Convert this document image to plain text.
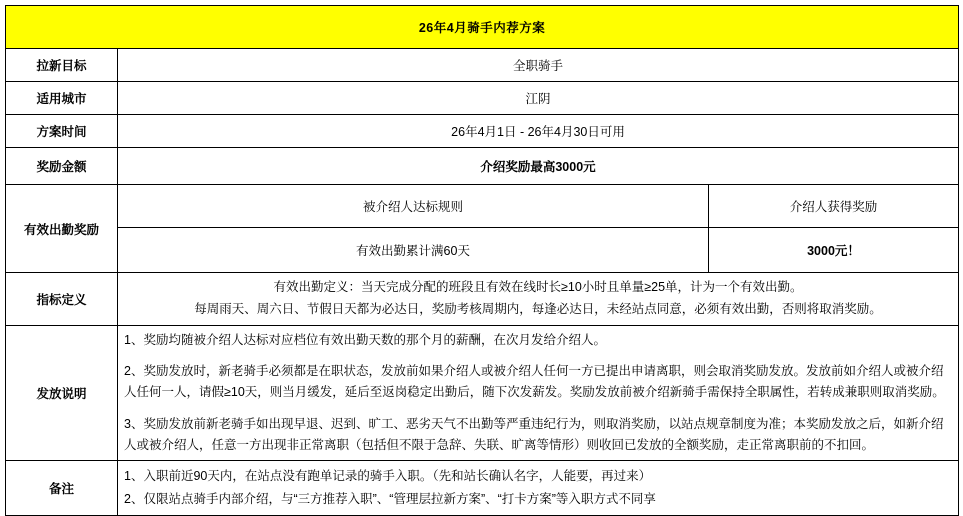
26年4月骑手内荐方案		
拉新目标	全职骑手	
适用城市	江阴	
方案时间	26年4月1日 - 26年4月30日可用	
奖励金额	介绍奖励最高3000元	
有效出勤奖励	被介绍人达标规则	介绍人获得奖励
	有效出勤累计满60天	3000元！
指标定义	有效出勤定义：当天完成分配的班段且有效在线时长≥10小时且单量≥25单，计为一个有效出勤。
每周雨天、周六日、节假日天都为必达日，奖励考核周期内，每逢必达日，未经站点同意，必须有效出勤，否则将取消奖励。	

发放说明	1、奖励均随被介绍人达标对应档位有效出勤天数的那个月的薪酬，在次月发给介绍人。

2、奖励发放时，新老骑手必须都是在职状态，发放前如果介绍人或被介绍人任何一方已提出申请离职，则会取消奖励发放。发放前如介绍人或被介绍人任何一人，请假≥10天，则当月缓发，延后至返岗稳定出勤后，随下次发薪发。奖励发放前被介绍新骑手需保持全职属性，若转成兼职则取消奖励。

3、奖励发放前新老骑手如出现早退、迟到、旷工、恶劣天气不出勤等严重违纪行为，则取消奖励，以站点规章制度为准；本奖励发放之后，如新介绍人或被介绍人，任意一方出现非正常离职（包括但不限于急辞、失联、旷离等情形）则收回已发放的全额奖励，走正常离职前的不扣回。	

备注	1、入职前近90天内，在站点没有跑单记录的骑手入职。（先和站长确认名字，人能要，再过来）

2、仅限站点骑手内部介绍，与“三方推荐入职”、“管理层拉新方案”、“打卡方案”等入职方式不同享	
